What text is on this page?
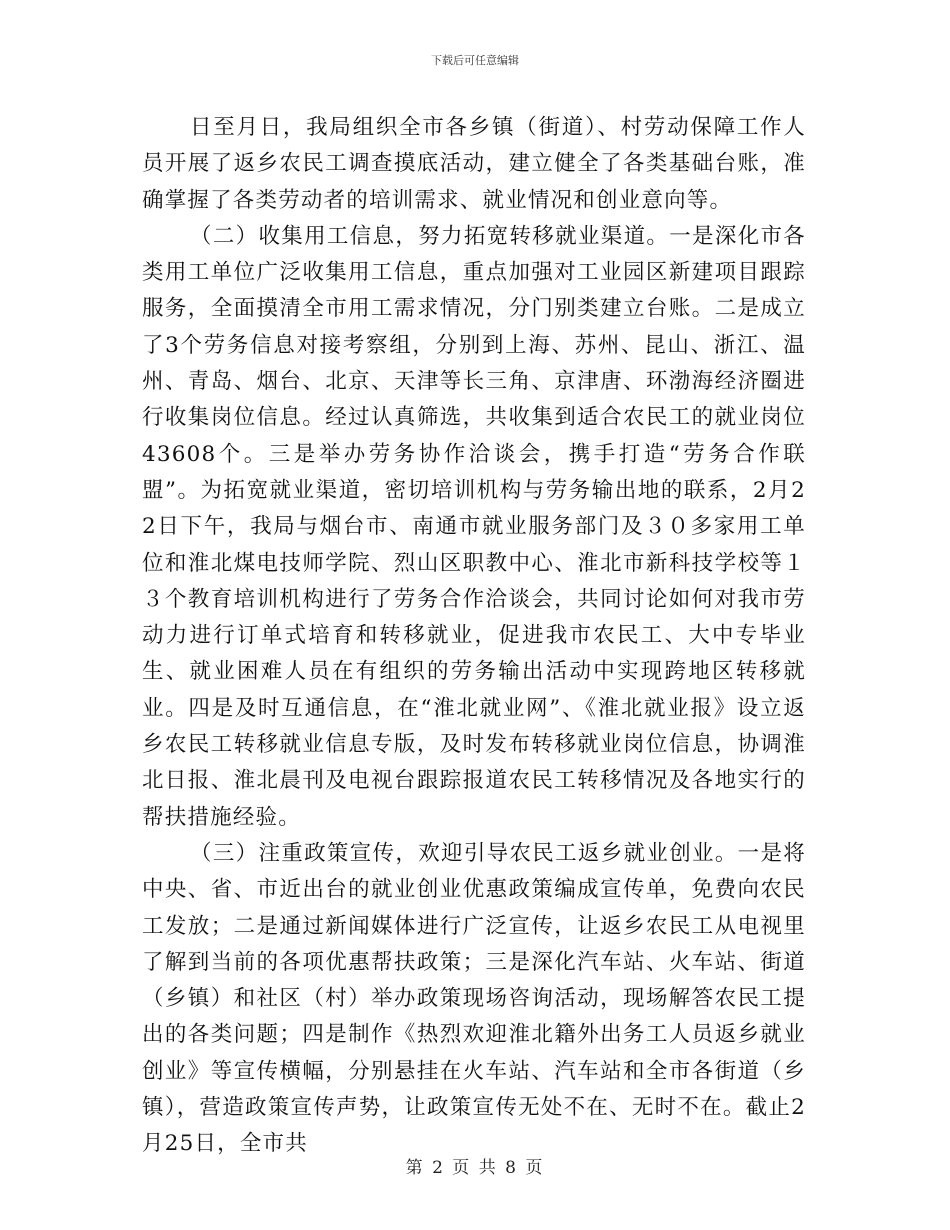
下载后可任意编辑

日至月日，我局组织全市各乡镇（街道）、村劳动保障工作人员开展了返乡农民工调查摸底活动，建立健全了各类基础台账，准确掌握了各类劳动者的培训需求、就业情况和创业意向等。

（二）收集用工信息，努力拓宽转移就业渠道。一是深化市各类用工单位广泛收集用工信息，重点加强对工业园区新建项目跟踪服务，全面摸清全市用工需求情况，分门别类建立台账。二是成立了3个劳务信息对接考察组，分别到上海、苏州、昆山、浙江、温州、青岛、烟台、北京、天津等长三角、京津唐、环渤海经济圈进行收集岗位信息。经过认真筛选，共收集到适合农民工的就业岗位43608个。三是举办劳务协作洽谈会，携手打造“劳务合作联盟”。为拓宽就业渠道，密切培训机构与劳务输出地的联系，2月22日下午，我局与烟台市、南通市就业服务部门及３０多家用工单位和淮北煤电技师学院、烈山区职教中心、淮北市新科技学校等１３个教育培训机构进行了劳务合作洽谈会，共同讨论如何对我市劳动力进行订单式培育和转移就业，促进我市农民工、大中专毕业生、就业困难人员在有组织的劳务输出活动中实现跨地区转移就业。四是及时互通信息，在“淮北就业网”、《淮北就业报》设立返乡农民工转移就业信息专版，及时发布转移就业岗位信息，协调淮北日报、淮北晨刊及电视台跟踪报道农民工转移情况及各地实行的帮扶措施经验。

（三）注重政策宣传，欢迎引导农民工返乡就业创业。一是将中央、省、市近出台的就业创业优惠政策编成宣传单，免费向农民工发放；二是通过新闻媒体进行广泛宣传，让返乡农民工从电视里了解到当前的各项优惠帮扶政策；三是深化汽车站、火车站、街道（乡镇）和社区（村）举办政策现场咨询活动，现场解答农民工提出的各类问题；四是制作《热烈欢迎淮北籍外出务工人员返乡就业创业》等宣传横幅，分别悬挂在火车站、汽车站和全市各街道（乡镇），营造政策宣传声势，让政策宣传无处不在、无时不在。截止2月25日，全市共

第 2 页 共 8 页
